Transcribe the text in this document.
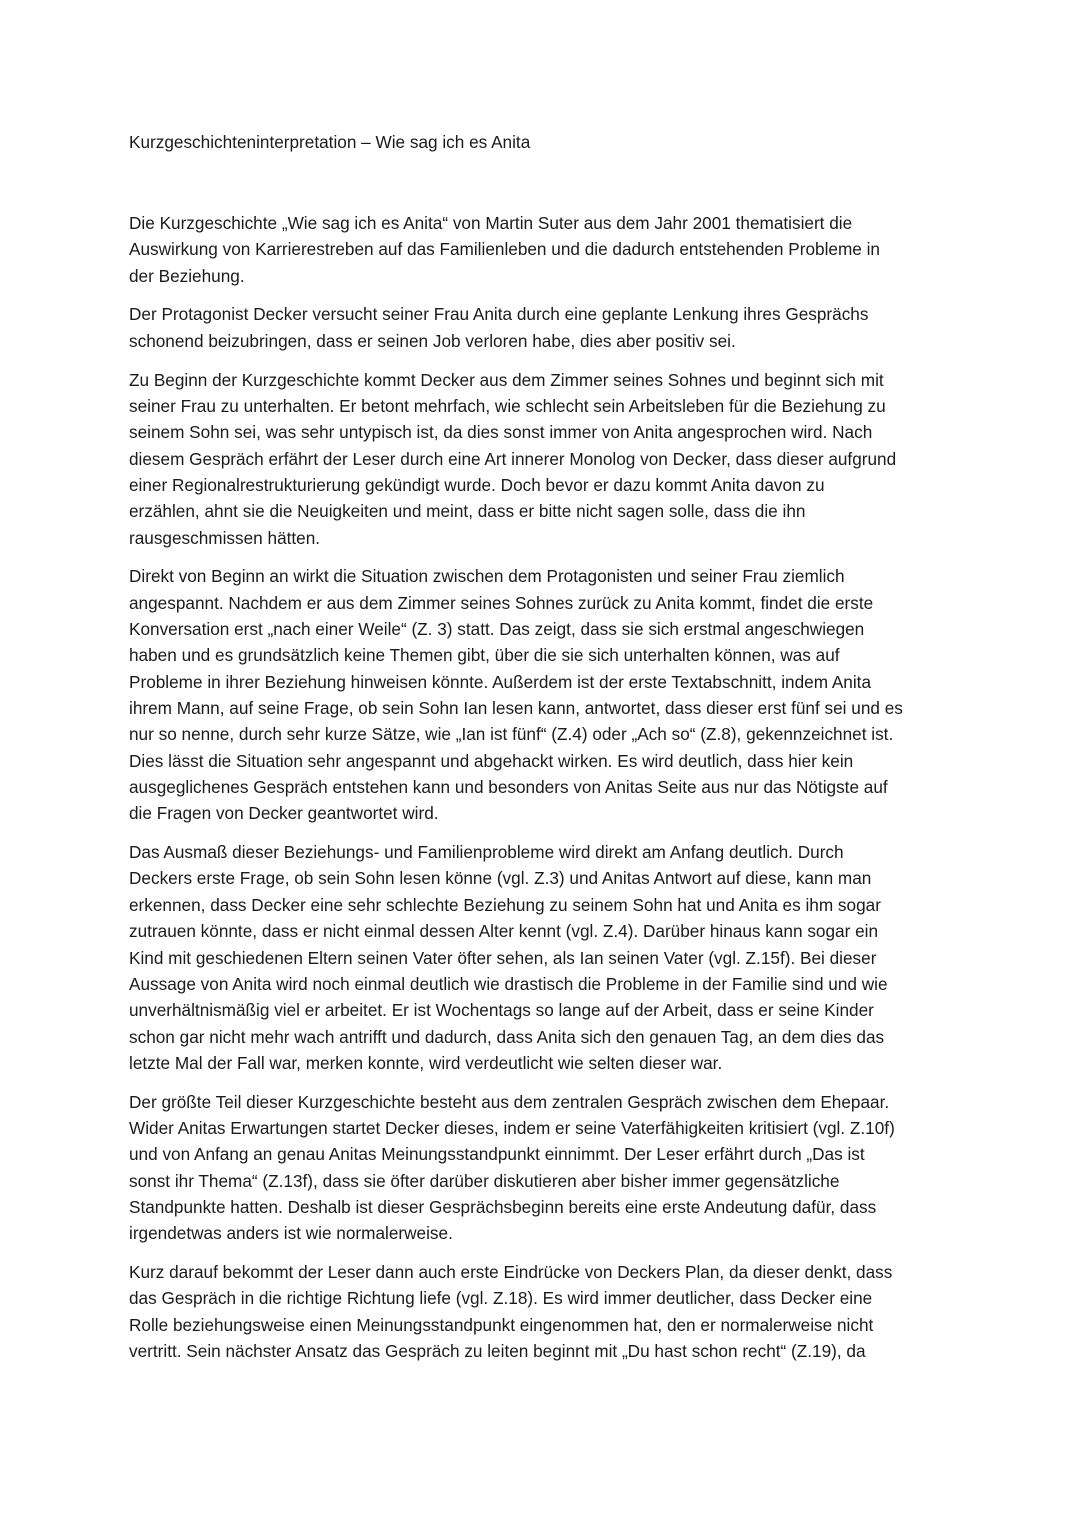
Kurzgeschichteninterpretation – Wie sag ich es Anita

Die Kurzgeschichte „Wie sag ich es Anita“ von Martin Suter aus dem Jahr 2001 thematisiert die
Auswirkung von Karrierestreben auf das Familienleben und die dadurch entstehenden Probleme in
der Beziehung.

Der Protagonist Decker versucht seiner Frau Anita durch eine geplante Lenkung ihres Gesprächs
schonend beizubringen, dass er seinen Job verloren habe, dies aber positiv sei.

Zu Beginn der Kurzgeschichte kommt Decker aus dem Zimmer seines Sohnes und beginnt sich mit
seiner Frau zu unterhalten. Er betont mehrfach, wie schlecht sein Arbeitsleben für die Beziehung zu
seinem Sohn sei, was sehr untypisch ist, da dies sonst immer von Anita angesprochen wird. Nach
diesem Gespräch erfährt der Leser durch eine Art innerer Monolog von Decker, dass dieser aufgrund
einer Regionalrestrukturierung gekündigt wurde. Doch bevor er dazu kommt Anita davon zu
erzählen, ahnt sie die Neuigkeiten und meint, dass er bitte nicht sagen solle, dass die ihn
rausgeschmissen hätten.

Direkt von Beginn an wirkt die Situation zwischen dem Protagonisten und seiner Frau ziemlich
angespannt. Nachdem er aus dem Zimmer seines Sohnes zurück zu Anita kommt, findet die erste
Konversation erst „nach einer Weile“ (Z. 3) statt. Das zeigt, dass sie sich erstmal angeschwiegen
haben und es grundsätzlich keine Themen gibt, über die sie sich unterhalten können, was auf
Probleme in ihrer Beziehung hinweisen könnte. Außerdem ist der erste Textabschnitt, indem Anita
ihrem Mann, auf seine Frage, ob sein Sohn Ian lesen kann, antwortet, dass dieser erst fünf sei und es
nur so nenne, durch sehr kurze Sätze, wie „Ian ist fünf“ (Z.4) oder „Ach so“ (Z.8), gekennzeichnet ist.
Dies lässt die Situation sehr angespannt und abgehackt wirken. Es wird deutlich, dass hier kein
ausgeglichenes Gespräch entstehen kann und besonders von Anitas Seite aus nur das Nötigste auf
die Fragen von Decker geantwortet wird.

Das Ausmaß dieser Beziehungs- und Familienprobleme wird direkt am Anfang deutlich. Durch
Deckers erste Frage, ob sein Sohn lesen könne (vgl. Z.3) und Anitas Antwort auf diese, kann man
erkennen, dass Decker eine sehr schlechte Beziehung zu seinem Sohn hat und Anita es ihm sogar
zutrauen könnte, dass er nicht einmal dessen Alter kennt (vgl. Z.4). Darüber hinaus kann sogar ein
Kind mit geschiedenen Eltern seinen Vater öfter sehen, als Ian seinen Vater (vgl. Z.15f). Bei dieser
Aussage von Anita wird noch einmal deutlich wie drastisch die Probleme in der Familie sind und wie
unverhältnismäßig viel er arbeitet. Er ist Wochentags so lange auf der Arbeit, dass er seine Kinder
schon gar nicht mehr wach antrifft und dadurch, dass Anita sich den genauen Tag, an dem dies das
letzte Mal der Fall war, merken konnte, wird verdeutlicht wie selten dieser war.

Der größte Teil dieser Kurzgeschichte besteht aus dem zentralen Gespräch zwischen dem Ehepaar.
Wider Anitas Erwartungen startet Decker dieses, indem er seine Vaterfähigkeiten kritisiert (vgl. Z.10f)
und von Anfang an genau Anitas Meinungsstandpunkt einnimmt. Der Leser erfährt durch „Das ist
sonst ihr Thema“ (Z.13f), dass sie öfter darüber diskutieren aber bisher immer gegensätzliche
Standpunkte hatten. Deshalb ist dieser Gesprächsbeginn bereits eine erste Andeutung dafür, dass
irgendetwas anders ist wie normalerweise.

Kurz darauf bekommt der Leser dann auch erste Eindrücke von Deckers Plan, da dieser denkt, dass
das Gespräch in die richtige Richtung liefe (vgl. Z.18). Es wird immer deutlicher, dass Decker eine
Rolle beziehungsweise einen Meinungsstandpunkt eingenommen hat, den er normalerweise nicht
vertritt. Sein nächster Ansatz das Gespräch zu leiten beginnt mit „Du hast schon recht“ (Z.19), da
